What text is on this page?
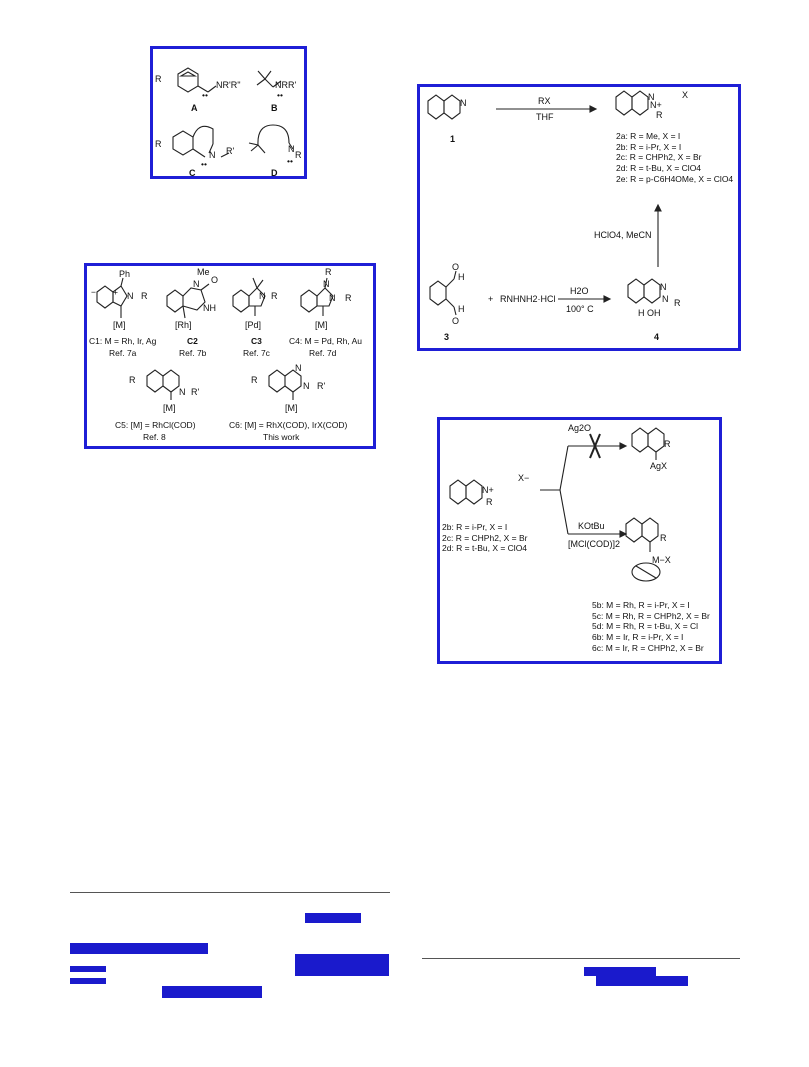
R
NR'R''
••
A
NRR'
••
B
R
N R'
••
C
N
R
••
D
Ph
N R
+
−
[M]
C1: M = Rh, Ir, Ag
Ref. 7a
Me
N O
NH
[Rh]
C2
Ref. 7b
N R
[Pd]
C3
Ref. 7c
R
N
N R
[M]
C4: M = Pd, Rh, Au
Ref. 7d
R
N R'
[M]
C5: [M] = RhCl(COD)
Ref. 8
R
N
N R'
[M]
C6: [M] = RhX(COD), IrX(COD)
This work
RX
THF
N
1
N
N+
R
X
2a: R = Me, X = I
2b: R = i-Pr, X = I
2c: R = CHPh2, X = Br
2d: R = t-Bu, X = ClO4
2e: R = p-C6H4OMe, X = ClO4
HClO4, MeCN
H
O
H
O
3
+ RNHNH2·HCl
H2O
100° C
N
N R
H OH
4
X−
N+
R
Ag2O
R
AgX
KOtBu
[MCl(COD)]2
R
M−X
2b: R = i-Pr, X = I
2c: R = CHPh2, X = Br
2d: R = t-Bu, X = ClO4
5b: M = Rh, R = i-Pr, X = I
5c: M = Rh, R = CHPh2, X = Br
5d: M = Rh, R = t-Bu, X = Cl
6b: M = Ir, R = i-Pr, X = I
6c: M = Ir, R = CHPh2, X = Br
